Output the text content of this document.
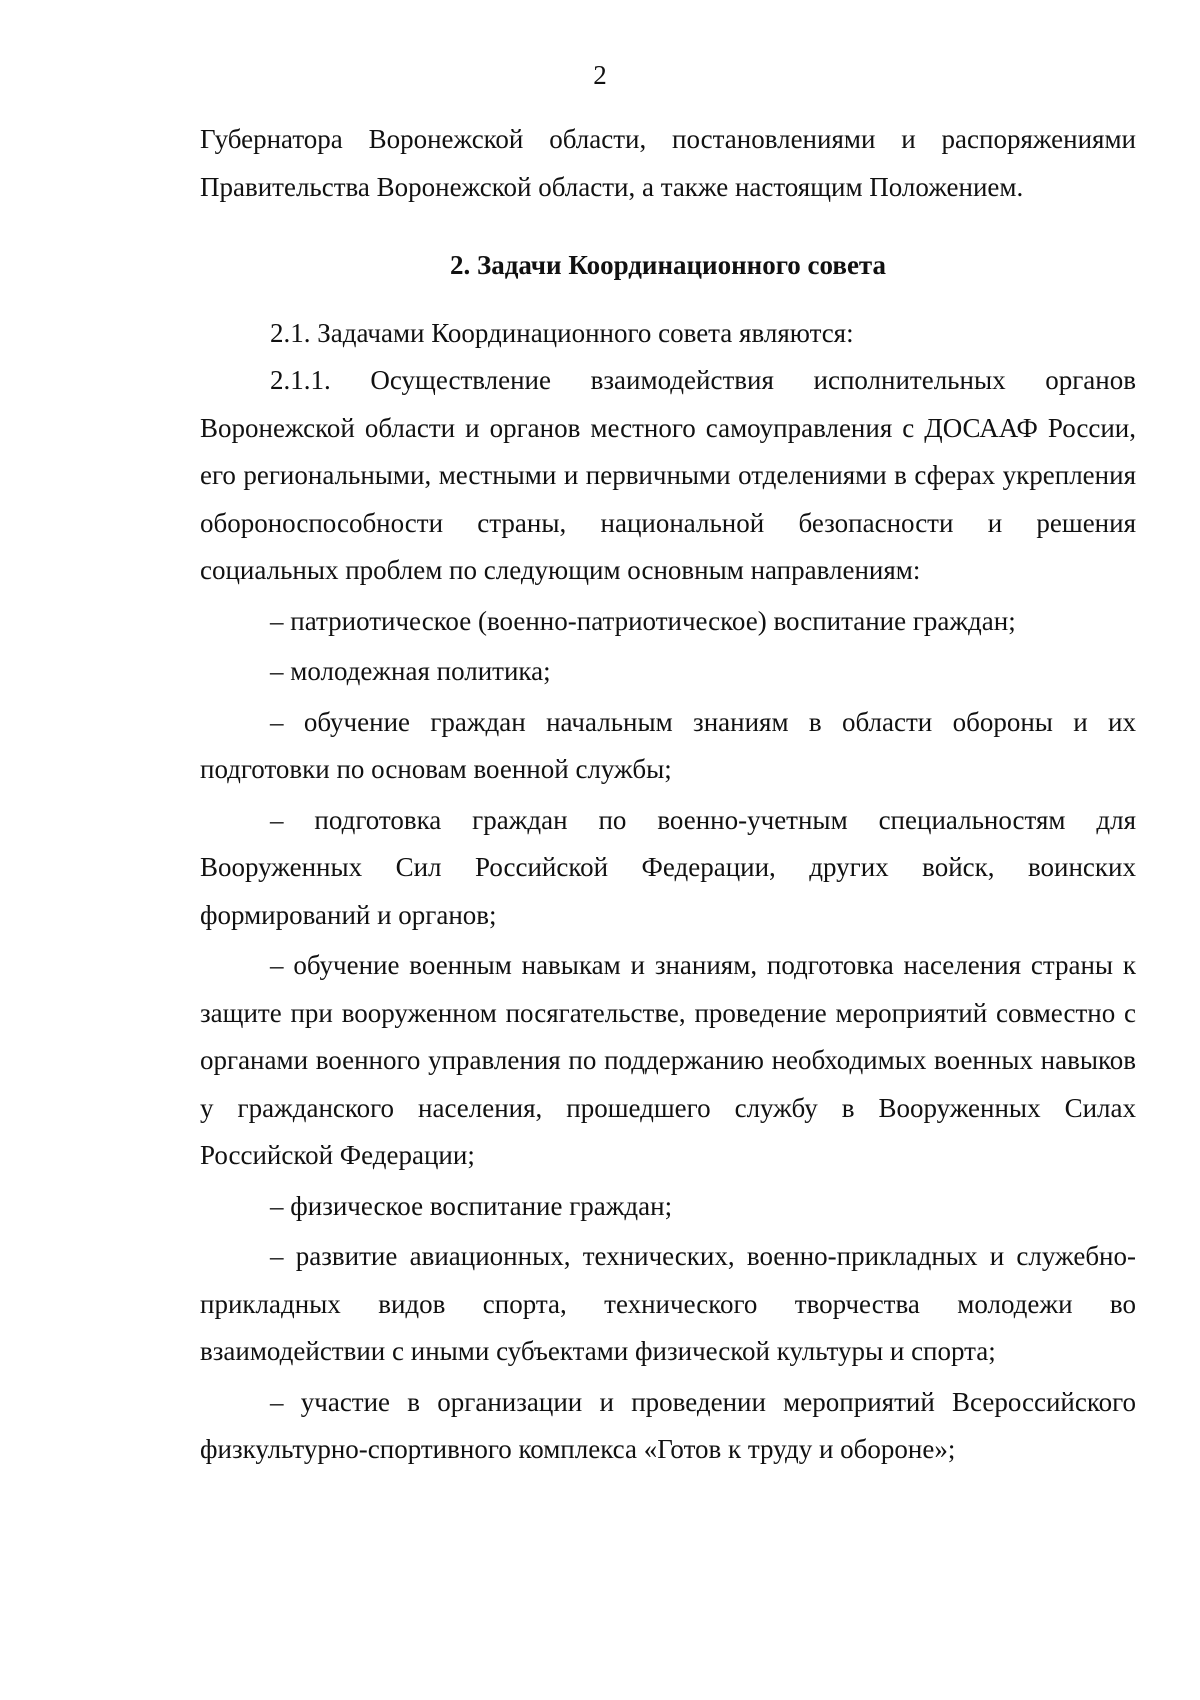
2

Губернатора Воронежской области, постановлениями и распоряжениями Правительства Воронежской области, а также настоящим Положением.

2. Задачи Координационного совета

2.1. Задачами Координационного совета являются:

2.1.1. Осуществление взаимодействия исполнительных органов Воронежской области и органов местного самоуправления с ДОСААФ России, его региональными, местными и первичными отделениями в сферах укрепления обороноспособности страны, национальной безопасности и решения социальных проблем по следующим основным направлениям:

– патриотическое (военно-патриотическое) воспитание граждан;

– молодежная политика;

– обучение граждан начальным знаниям в области обороны и их подготовки по основам военной службы;

– подготовка граждан по военно-учетным специальностям для Вооруженных Сил Российской Федерации, других войск, воинских формирований и органов;

– обучение военным навыкам и знаниям, подготовка населения страны к защите при вооруженном посягательстве, проведение мероприятий совместно с органами военного управления по поддержанию необходимых военных навыков у гражданского населения, прошедшего службу в Вооруженных Силах Российской Федерации;

– физическое воспитание граждан;

– развитие авиационных, технических, военно-прикладных и служебно-прикладных видов спорта, технического творчества молодежи во взаимодействии с иными субъектами физической культуры и спорта;

– участие в организации и проведении мероприятий Всероссийского физкультурно-спортивного комплекса «Готов к труду и обороне»;
